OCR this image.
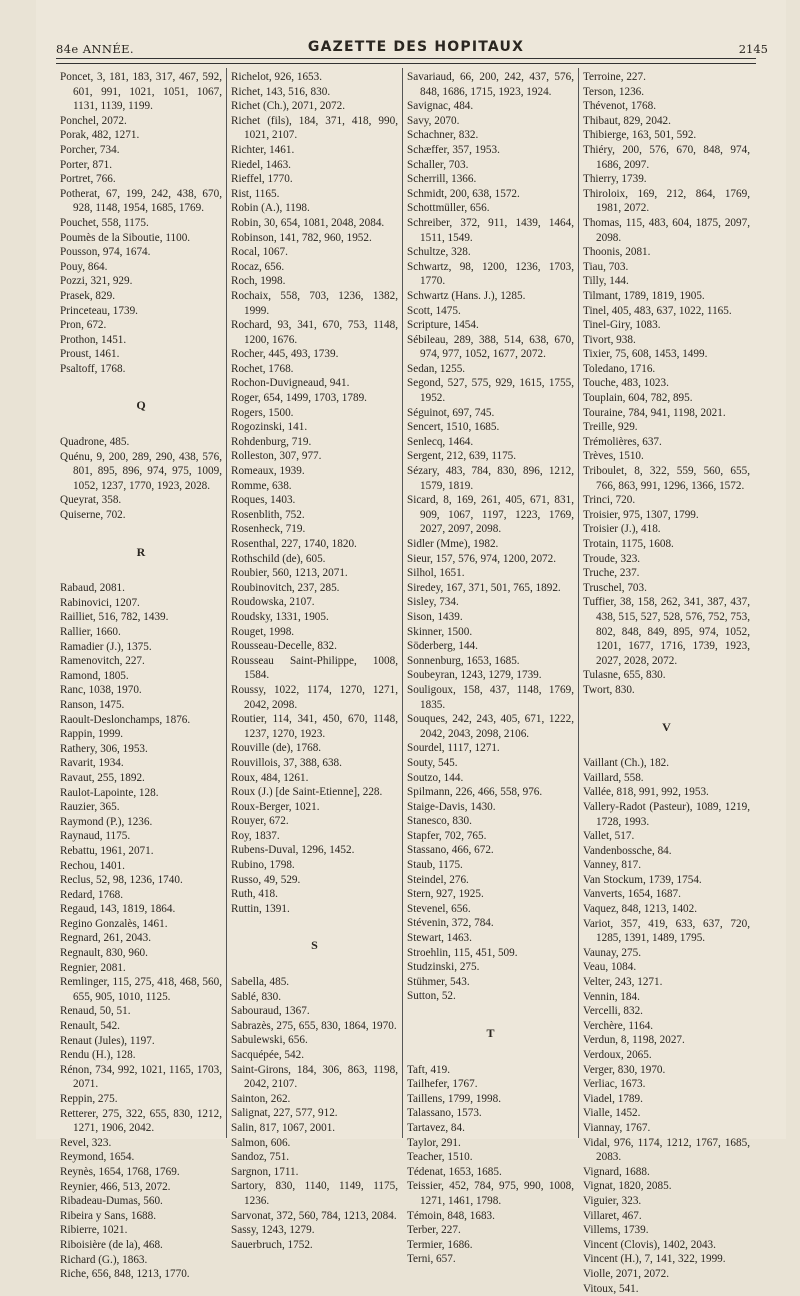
84e ANNÉE.	GAZETTE DES HOPITAUX	2145
Poncet, 3, 181, 183, 317, 467, 592, 601, 991, 1021, 1051, 1067, 1131, 1139, 1199.
Ponchel, 2072.
Porak, 482, 1271.
Porcher, 734.
Porter, 871.
Portret, 766.
Potherat, 67, 199, 242, 438, 670, 928, 1148, 1954, 1685, 1769.
Pouchet, 558, 1175.
Poumès de la Siboutie, 1100.
Pousson, 974, 1674.
Pouy, 864.
Pozzi, 321, 929.
Prasek, 829.
Princeteau, 1739.
Pron, 672.
Prothon, 1451.
Proust, 1461.
Psaltoff, 1768.
Q
Quadrone, 485.
Quénu, 9, 200, 289, 290, 438, 576, 801, 895, 896, 974, 975, 1009, 1052, 1237, 1770, 1923, 2028.
Queyrat, 358.
Quiserne, 702.
R
Rabaud, 2081.
Rabinovici, 1207.
Railliet, 516, 782, 1439.
Rallier, 1660.
Ramadier (J.), 1375.
Ramenovitch, 227.
Ramond, 1805.
Ranc, 1038, 1970.
Ranson, 1475.
Raoult-Deslonchamps, 1876.
Rappin, 1999.
Rathery, 306, 1953.
Ravarit, 1934.
Ravaut, 255, 1892.
Raulot-Lapointe, 128.
Rauzier, 365.
Raymond (P.), 1236.
Raynaud, 1175.
Rebattu, 1961, 2071.
Rechou, 1401.
Reclus, 52, 98, 1236, 1740.
Redard, 1768.
Regaud, 143, 1819, 1864.
Regino Gonzalès, 1461.
Regnard, 261, 2043.
Regnault, 830, 960.
Regnier, 2081.
Remlinger, 115, 275, 418, 468, 560, 655, 905, 1010, 1125.
Renaud, 50, 51.
Renault, 542.
Renaut (Jules), 1197.
Rendu (H.), 128.
Rénon, 734, 992, 1021, 1165, 1703, 2071.
Reppin, 275.
Retterer, 275, 322, 655, 830, 1212, 1271, 1906, 2042.
Revel, 323.
Reymond, 1654.
Reynès, 1654, 1768, 1769.
Reynier, 466, 513, 2072.
Ribadeau-Dumas, 560.
Ribeira y Sans, 1688.
Ribierre, 1021.
Riboisière (de la), 468.
Richard (G.), 1863.
Riche, 656, 848, 1213, 1770.
Richelot, 926, 1653.
Richet, 143, 516, 830.
Richet (Ch.), 2071, 2072.
Richet (fils), 184, 371, 418, 990, 1021, 2107.
Richter, 1461.
Riedel, 1463.
Rieffel, 1770.
Rist, 1165.
Robin (A.), 1198.
Robin, 30, 654, 1081, 2048, 2084.
Robinson, 141, 782, 960, 1952.
Rocal, 1067.
Rocaz, 656.
Roch, 1998.
Rochaix, 558, 703, 1236, 1382, 1999.
Rochard, 93, 341, 670, 753, 1148, 1200, 1676.
Rocher, 445, 493, 1739.
Rochet, 1768.
Rochon-Duvigneaud, 941.
Roger, 654, 1499, 1703, 1789.
Rogers, 1500.
Rogozinski, 141.
Rohdenburg, 719.
Rolleston, 307, 977.
Romeaux, 1939.
Romme, 638.
Roques, 1403.
Rosenblith, 752.
Rosenheck, 719.
Rosenthal, 227, 1740, 1820.
Rothschild (de), 605.
Roubier, 560, 1213, 2071.
Roubinovitch, 237, 285.
Roudowska, 2107.
Roudsky, 1331, 1905.
Rouget, 1998.
Rousseau-Decelle, 832.
Rousseau Saint-Philippe, 1008, 1584.
Roussy, 1022, 1174, 1270, 1271, 2042, 2098.
Routier, 114, 341, 450, 670, 1148, 1237, 1270, 1923.
Rouville (de), 1768.
Rouvillois, 37, 388, 638.
Roux, 484, 1261.
Roux (J.) [de Saint-Etienne], 228.
Roux-Berger, 1021.
Rouyer, 672.
Roy, 1837.
Rubens-Duval, 1296, 1452.
Rubino, 1798.
Russo, 49, 529.
Ruth, 418.
Ruttin, 1391.
S
Sabella, 485.
Sablé, 830.
Sabouraud, 1367.
Sabrazès, 275, 655, 830, 1864, 1970.
Sabulewski, 656.
Sacquépée, 542.
Saint-Girons, 184, 306, 863, 1198, 2042, 2107.
Sainton, 262.
Salignat, 227, 577, 912.
Salin, 817, 1067, 2001.
Salmon, 606.
Sandoz, 751.
Sargnon, 1711.
Sartory, 830, 1140, 1149, 1175, 1236.
Sarvonat, 372, 560, 784, 1213, 2084.
Sassy, 1243, 1279.
Sauerbruch, 1752.
Savariaud, 66, 200, 242, 437, 576, 848, 1686, 1715, 1923, 1924.
Savignac, 484.
Savy, 2070.
Schachner, 832.
Schæffer, 357, 1953.
Schaller, 703.
Scherrill, 1366.
Schmidt, 200, 638, 1572.
Schottmüller, 656.
Schreiber, 372, 911, 1439, 1464, 1511, 1549.
Schultze, 328.
Schwartz, 98, 1200, 1236, 1703, 1770.
Schwartz (Hans. J.), 1285.
Scott, 1475.
Scripture, 1454.
Sébileau, 289, 388, 514, 638, 670, 974, 977, 1052, 1677, 2072.
Sedan, 1255.
Segond, 527, 575, 929, 1615, 1755, 1952.
Séguinot, 697, 745.
Sencert, 1510, 1685.
Senlecq, 1464.
Sergent, 212, 639, 1175.
Sézary, 483, 784, 830, 896, 1212, 1579, 1819.
Sicard, 8, 169, 261, 405, 671, 831, 909, 1067, 1197, 1223, 1769, 2027, 2097, 2098.
Sidler (Mme), 1982.
Sieur, 157, 576, 974, 1200, 2072.
Silhol, 1651.
Siredey, 167, 371, 501, 765, 1892.
Sisley, 734.
Sison, 1439.
Skinner, 1500.
Söderberg, 144.
Sonnenburg, 1653, 1685.
Soubeyran, 1243, 1279, 1739.
Souligoux, 158, 437, 1148, 1769, 1835.
Souques, 242, 243, 405, 671, 1222, 2042, 2043, 2098, 2106.
Sourdel, 1117, 1271.
Souty, 545.
Soutzo, 144.
Spilmann, 226, 466, 558, 976.
Staige-Davis, 1430.
Stanesco, 830.
Stapfer, 702, 765.
Stassano, 466, 672.
Staub, 1175.
Steindel, 276.
Stern, 927, 1925.
Stevenel, 656.
Stévenin, 372, 784.
Stewart, 1463.
Stroehlin, 115, 451, 509.
Studzinski, 275.
Stühmer, 543.
Sutton, 52.
T
Taft, 419.
Tailhefer, 1767.
Taillens, 1799, 1998.
Talassano, 1573.
Tartavez, 84.
Taylor, 291.
Teacher, 1510.
Tédenat, 1653, 1685.
Teissier, 452, 784, 975, 990, 1008, 1271, 1461, 1798.
Témoin, 848, 1683.
Terber, 227.
Termier, 1686.
Terni, 657.
Terroine, 227.
Terson, 1236.
Thévenot, 1768.
Thibaut, 829, 2042.
Thibierge, 163, 501, 592.
Thiéry, 200, 576, 670, 848, 974, 1686, 2097.
Thierry, 1739.
Thiroloix, 169, 212, 864, 1769, 1981, 2072.
Thomas, 115, 483, 604, 1875, 2097, 2098.
Thoonis, 2081.
Tiau, 703.
Tilly, 144.
Tilmant, 1789, 1819, 1905.
Tinel, 405, 483, 637, 1022, 1165.
Tinel-Giry, 1083.
Tivort, 938.
Tixier, 75, 608, 1453, 1499.
Toledano, 1716.
Touche, 483, 1023.
Touplain, 604, 782, 895.
Touraine, 784, 941, 1198, 2021.
Treille, 929.
Trémolières, 637.
Trèves, 1510.
Triboulet, 8, 322, 559, 560, 655, 766, 863, 991, 1296, 1366, 1572.
Trinci, 720.
Troisier, 975, 1307, 1799.
Troisier (J.), 418.
Trotain, 1175, 1608.
Troude, 323.
Truche, 237.
Truschel, 703.
Tuffier, 38, 158, 262, 341, 387, 437, 438, 515, 527, 528, 576, 752, 753, 802, 848, 849, 895, 974, 1052, 1201, 1677, 1716, 1739, 1923, 2027, 2028, 2072.
Tulasne, 655, 830.
Twort, 830.
V
Vaillant (Ch.), 182.
Vaillard, 558.
Vallée, 818, 991, 992, 1953.
Vallery-Radot (Pasteur), 1089, 1219, 1728, 1993.
Vallet, 517.
Vandenbossche, 84.
Vanney, 817.
Van Stockum, 1739, 1754.
Vanverts, 1654, 1687.
Vaquez, 848, 1213, 1402.
Variot, 357, 419, 633, 637, 720, 1285, 1391, 1489, 1795.
Vaunay, 275.
Veau, 1084.
Velter, 243, 1271.
Vennin, 184.
Vercelli, 832.
Verchère, 1164.
Verdun, 8, 1198, 2027.
Verdoux, 2065.
Verger, 830, 1970.
Verliac, 1673.
Viadel, 1789.
Vialle, 1452.
Viannay, 1767.
Vidal, 976, 1174, 1212, 1767, 1685, 2083.
Vignard, 1688.
Vignat, 1820, 2085.
Viguier, 323.
Villaret, 467.
Villems, 1739.
Vincent (Clovis), 1402, 2043.
Vincent (H.), 7, 141, 322, 1999.
Violle, 2071, 2072.
Vitoux, 541.
